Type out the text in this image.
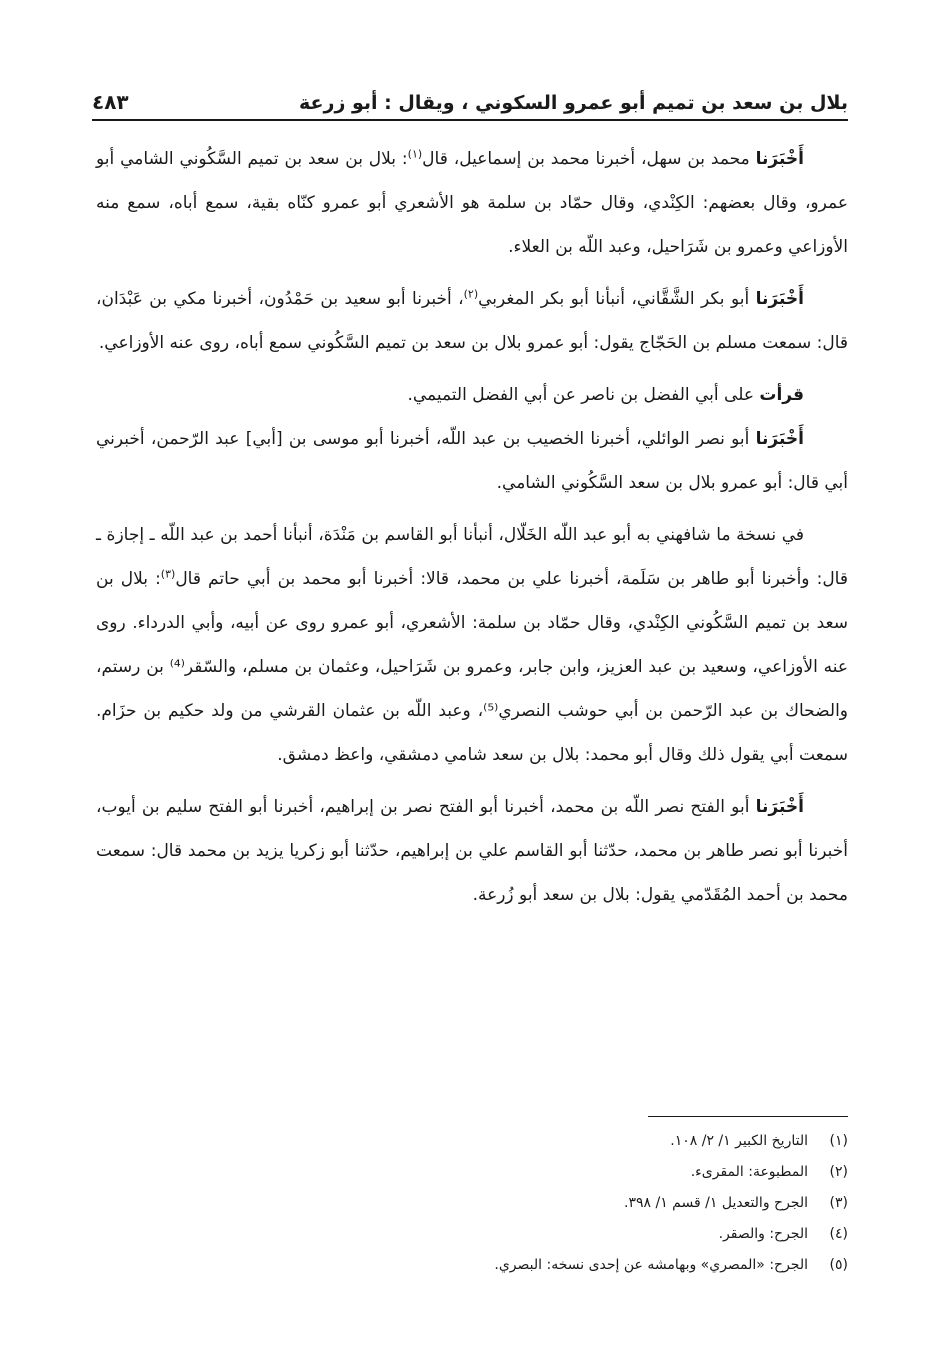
بلال بن سعد بن تميم أبو عمرو السكوني ، ويقال : أبو زرعة
٤٨٣

أَخْبَرَنا محمد بن سهل، أخبرنا محمد بن إسماعيل، قال$^{(١)}$: بلال بن سعد بن تميم السَّكُوني الشامي أبو عمرو، وقال بعضهم: الكِنْدي، وقال حمّاد بن سلمة هو الأشعري أبو عمرو كنّاه بقية، سمع أباه، سمع منه الأوزاعي وعمرو بن شَرَاحيل، وعبد اللّه بن العلاء.

أَخْبَرَنا أبو بكر الشَّقَّاني، أنبأنا أبو بكر المغربي$^{(٢)}$، أخبرنا أبو سعيد بن حَمْدُون، أخبرنا مكي بن عَبْدَان، قال: سمعت مسلم بن الحَجّاج يقول: أبو عمرو بلال بن سعد بن تميم السَّكُوني سمع أباه، روى عنه الأوزاعي.

قرأت على أبي الفضل بن ناصر عن أبي الفضل التميمي.

أَخْبَرَنا أبو نصر الوائلي، أخبرنا الخصيب بن عبد اللّه، أخبرنا أبو موسى بن [أبي] عبد الرّحمن، أخبرني أبي قال: أبو عمرو بلال بن سعد السَّكُوني الشامي.

في نسخة ما شافهني به أبو عبد اللّه الخَلّال، أنبأنا أبو القاسم بن مَنْدَة، أنبأنا أحمد بن عبد اللّه ـ إجازة ـ قال: وأخبرنا أبو طاهر بن سَلَمة، أخبرنا علي بن محمد، قالا: أخبرنا أبو محمد بن أبي حاتم قال$^{(٣)}$: بلال بن سعد بن تميم السَّكُوني الكِنْدي، وقال حمّاد بن سلمة: الأشعري، أبو عمرو روى عن أبيه، وأبي الدرداء. روى عنه الأوزاعي، وسعيد بن عبد العزيز، وابن جابر، وعمرو بن شَرَاحيل، وعثمان بن مسلم، والسّقر⁽⁴⁾ بن رستم، والضحاك بن عبد الرّحمن بن أبي حوشب النصري⁽⁵⁾، وعبد اللّه بن عثمان القرشي من ولد حكيم بن حزَام. سمعت أبي يقول ذلك وقال أبو محمد: بلال بن سعد شامي دمشقي، واعظ دمشق.

أَخْبَرَنا أبو الفتح نصر اللّه بن محمد، أخبرنا أبو الفتح نصر بن إبراهيم، أخبرنا أبو الفتح سليم بن أيوب، أخبرنا أبو نصر طاهر بن محمد، حدّثنا أبو القاسم علي بن إبراهيم، حدّثنا أبو زكريا يزيد بن محمد قال: سمعت محمد بن أحمد المُقَدّمي يقول: بلال بن سعد أبو زُرعة.

(١)
التاريخ الكبير ١/ ٢/ ١٠٨.
(٢)
المطبوعة: المقرىء.
(٣)
الجرح والتعديل ١/ قسم ١/ ٣٩٨.
(٤)
الجرح: والصقر.
(٥)
الجرح: «المصري» وبهامشه عن إحدى نسخه: البصري.
